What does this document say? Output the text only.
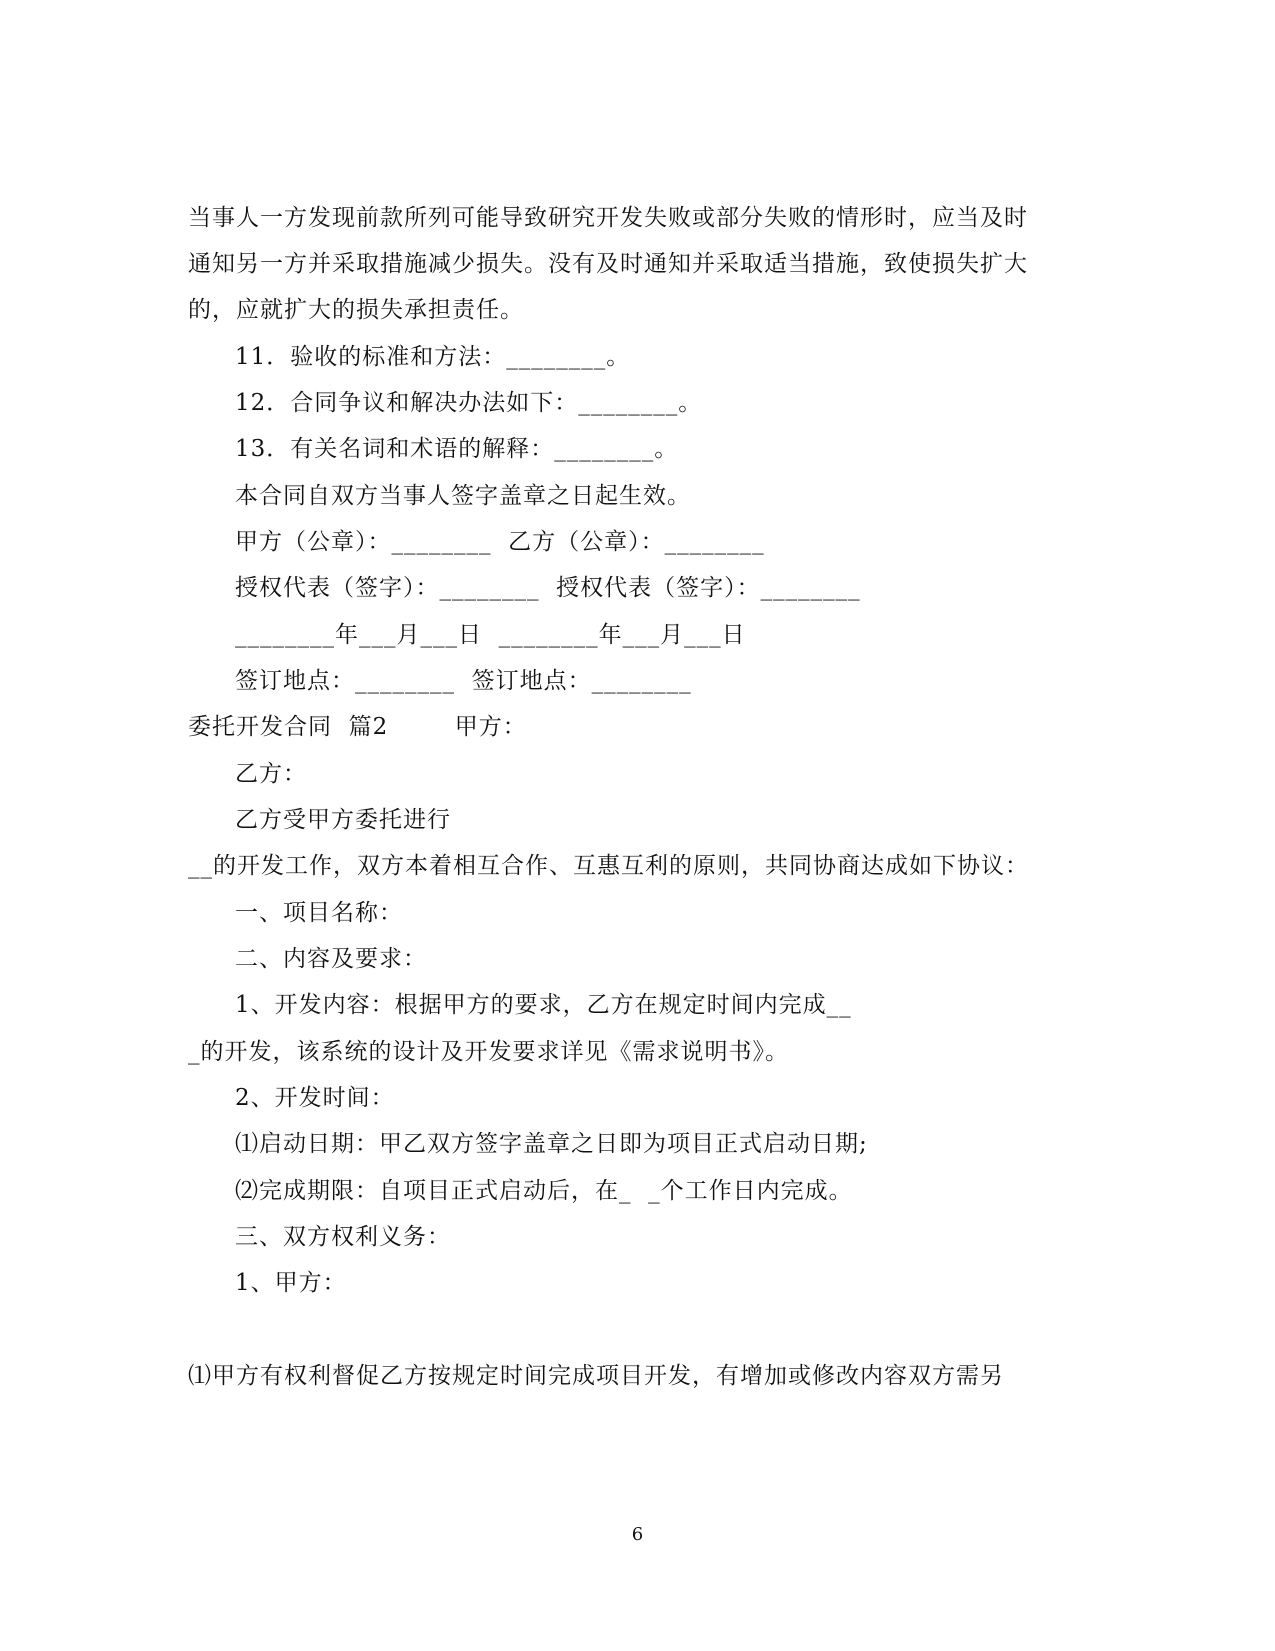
当事人一方发现前款所列可能导致研究开发失败或部分失败的情形时，应当及时
通知另一方并采取措施减少损失。没有及时通知并采取适当措施，致使损失扩大
的，应就扩大的损失承担责任。
11．验收的标准和方法：________。
12．合同争议和解决办法如下：________。
13．有关名词和术语的解释：________。
本合同自双方当事人签字盖章之日起生效。
甲方（公章）：________  乙方（公章）：________
授权代表（签字）：________  授权代表（签字）：________
________年___月___日  ________年___月___日
签订地点：________  签订地点：________
委托开发合同  篇2        甲方：
乙方：
乙方受甲方委托进行
__的开发工作，双方本着相互合作、互惠互利的原则，共同协商达成如下协议：
一、项目名称：
二、内容及要求：
1、开发内容：根据甲方的要求，乙方在规定时间内完成__
_的开发，该系统的设计及开发要求详见《需求说明书》。
2、开发时间：
⑴启动日期：甲乙双方签字盖章之日即为项目正式启动日期;
⑵完成期限：自项目正式启动后，在_  _个工作日内完成。
三、双方权利义务：
1、甲方：
⑴甲方有权利督促乙方按规定时间完成项目开发，有增加或修改内容双方需另
6
